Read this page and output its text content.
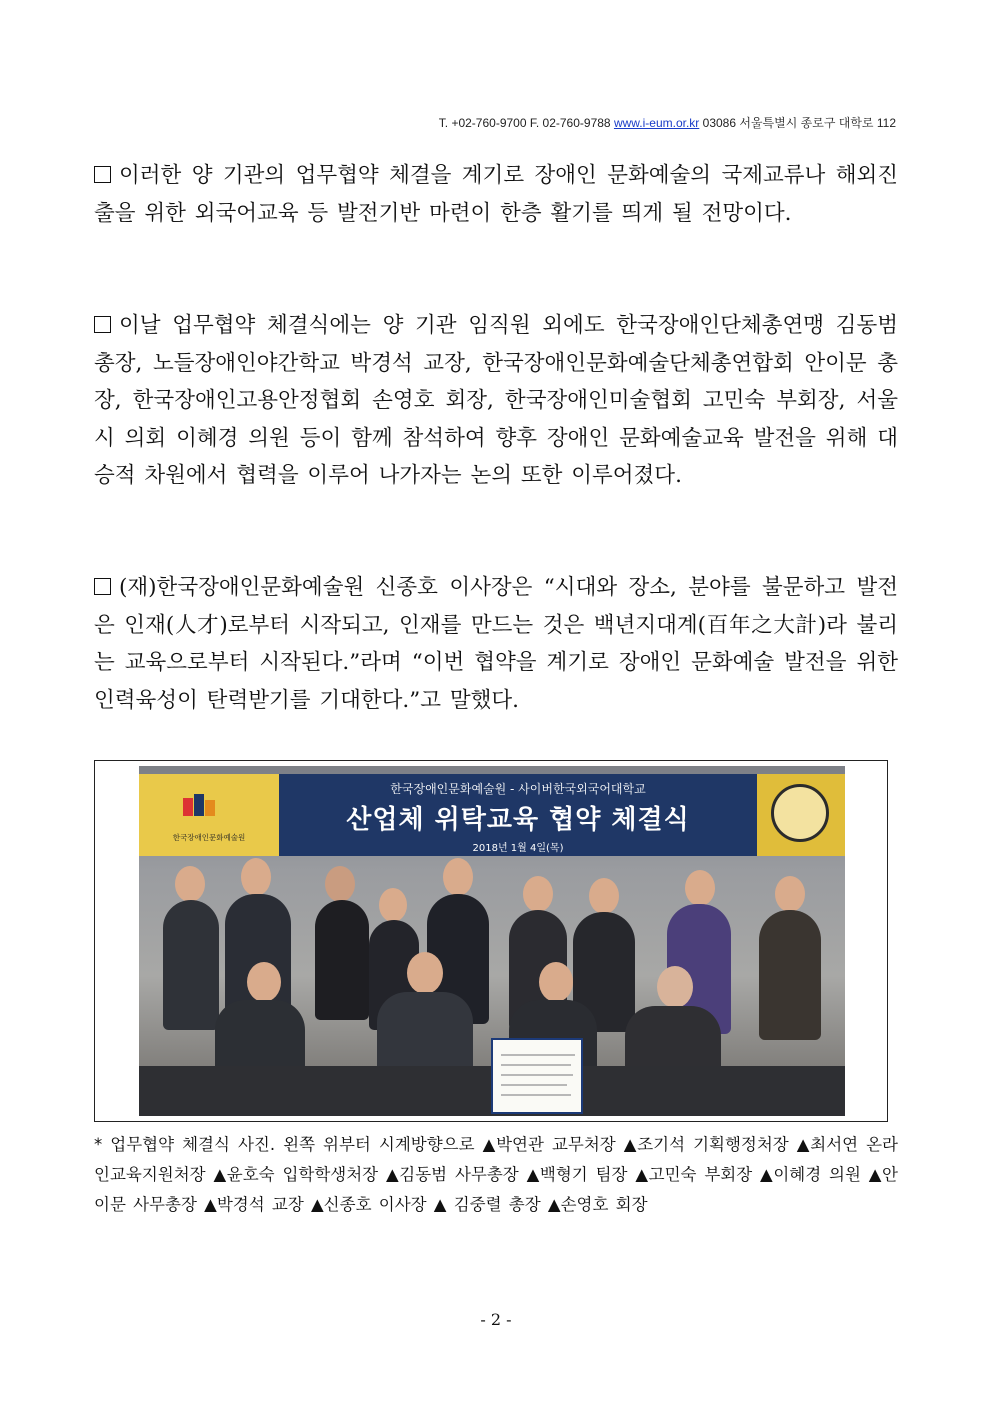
T. +02-760-9700 F. 02-760-9788 www.i-eum.or.kr 03086 서울특별시 종로구 대학로 112
이러한 양 기관의 업무협약 체결을 계기로 장애인 문화예술의 국제교류나 해외진출을 위한 외국어교육 등 발전기반 마련이 한층 활기를 띄게 될 전망이다.
이날 업무협약 체결식에는 양 기관 임직원 외에도 한국장애인단체총연맹 김동범 총장, 노들장애인야간학교 박경석 교장, 한국장애인문화예술단체총연합회 안이문 총장, 한국장애인고용안정협회 손영호 회장, 한국장애인미술협회 고민숙 부회장, 서울시 의회 이혜경 의원 등이 함께 참석하여 향후 장애인 문화예술교육 발전을 위해 대승적 차원에서 협력을 이루어 나가자는 논의 또한 이루어졌다.
(재)한국장애인문화예술원 신종호 이사장은 “시대와 장소, 분야를 불문하고 발전은 인재(人才)로부터 시작되고, 인재를 만드는 것은 백년지대계(百年之大計)라 불리는 교육으로부터 시작된다.”라며 “이번 협약을 계기로 장애인 문화예술 발전을 위한 인력육성이 탄력받기를 기대한다.”고 말했다.
한국장애인문화예술원
한국장애인문화예술원 - 사이버한국외국어대학교
산업체 위탁교육 협약 체결식
2018년 1월 4일(목)
* 업무협약 체결식 사진. 왼쪽 위부터 시계방향으로 ▲박연관 교무처장 ▲조기석 기획행정처장 ▲최서연 온라인교육지원처장 ▲윤호숙 입학학생처장 ▲김동범 사무총장 ▲백형기 팀장 ▲고민숙 부회장 ▲이혜경 의원 ▲안이문 사무총장 ▲박경석 교장 ▲신종호 이사장 ▲ 김중렬 총장 ▲손영호 회장
- 2 -
